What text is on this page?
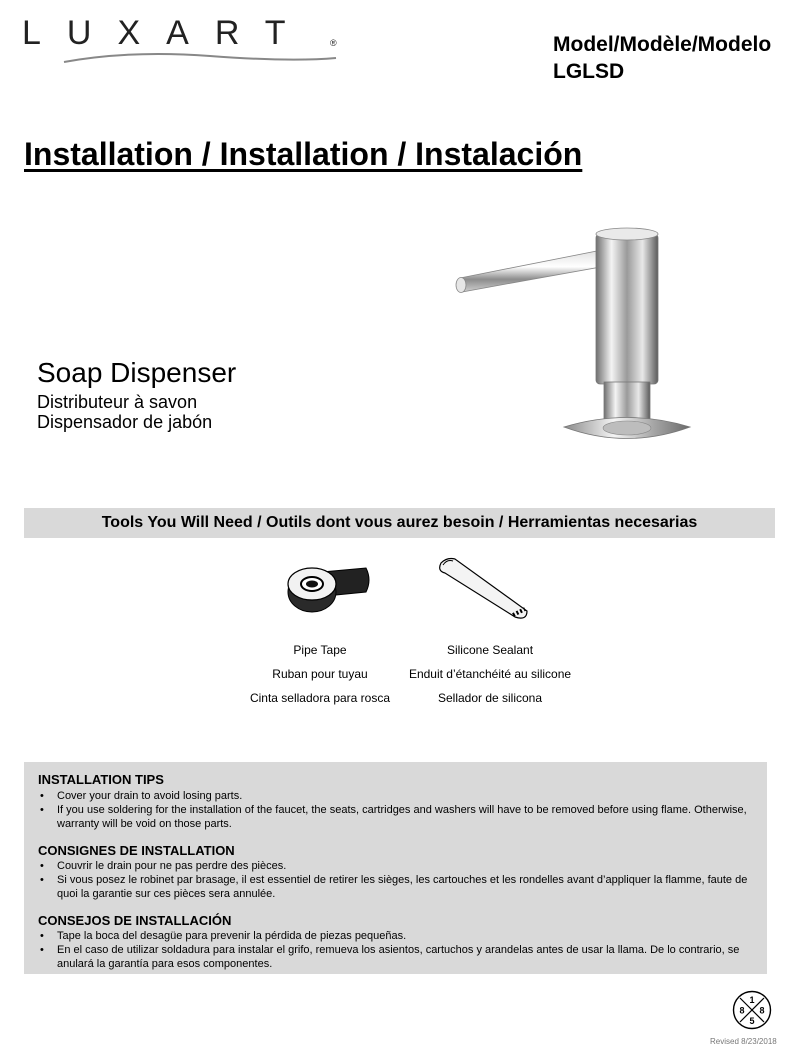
LUXART ®	Model/Modèle/Modelo
LGLSD
Installation / Installation / Instalación
Soap Dispenser
Distributeur à savon
Dispensador de jabón
Tools You Will Need / Outils dont vous aurez besoin / Herramientas necesarias
Pipe Tape
Ruban pour tuyau
Cinta selladora para rosca
Silicone Sealant
Enduit d’étanchéité au silicone
Sellador de silicona
INSTALLATION TIPS
• Cover your drain to avoid losing parts.
• If you use soldering for the installation of the faucet, the seats, cartridges and washers will have to be removed before using flame. Otherwise, warranty will be void on those parts.
CONSIGNES DE INSTALLATION
• Couvrir le drain pour ne pas perdre des pièces.
• Si vous posez le robinet par brasage, il est essentiel de retirer les sièges, les cartouches et les rondelles avant d’appliquer la flamme, faute de quoi la garantie sur ces pièces sera annulée.
CONSEJOS DE INSTALLACIÓN
• Tape la boca del desagüe para prevenir la pérdida de piezas pequeñas.
• En el caso de utilizar soldadura para instalar el grifo, remueva los asientos, cartuchos y arandelas antes de usar la llama. De lo contrario, se anulará la garantía para esos componentes.
1
8 8
5
Revised 8/23/2018
